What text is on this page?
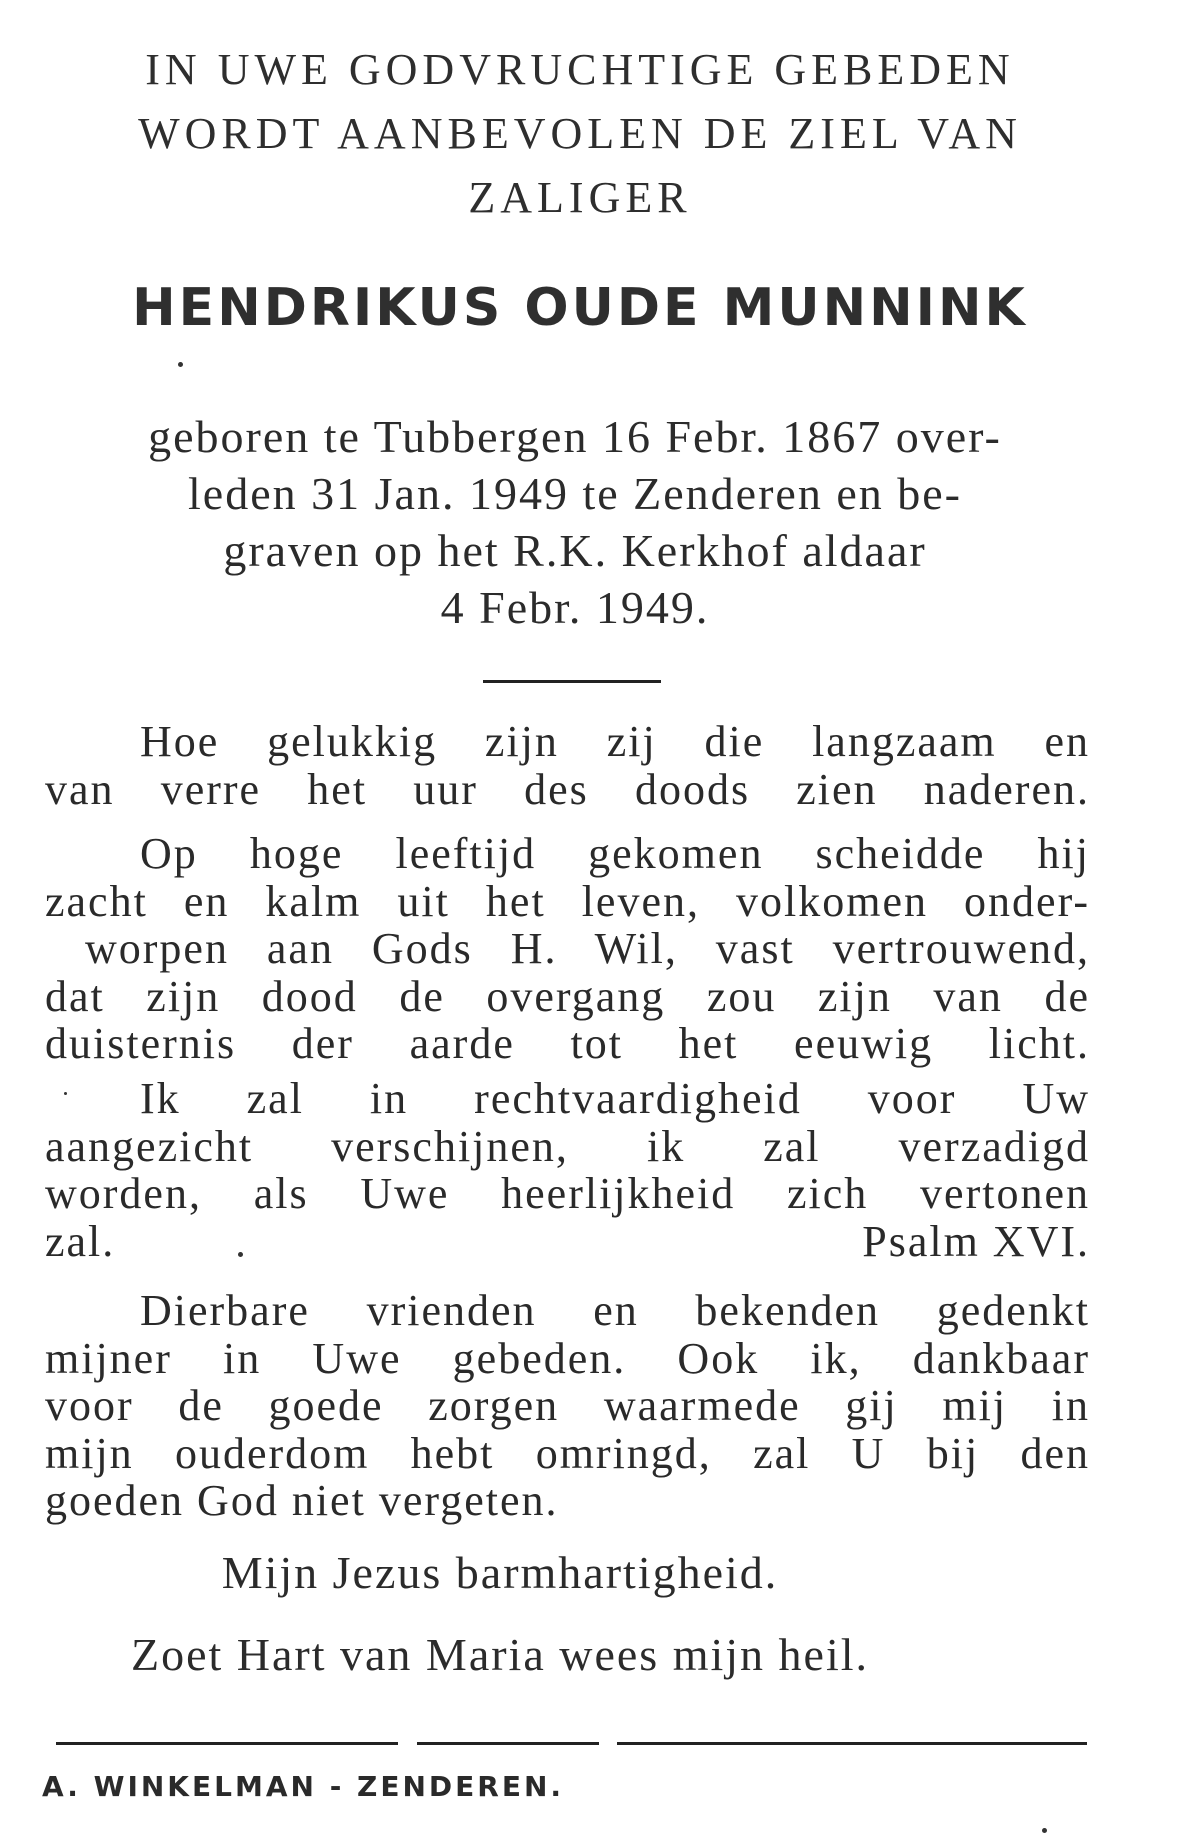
IN UWE GODVRUCHTIGE GEBEDEN
WORDT AANBEVOLEN DE ZIEL VAN
ZALIGER
HENDRIKUS OUDE MUNNINK
geboren te Tubbergen 16 Febr. 1867 over-
leden 31 Jan. 1949 te Zenderen en be-
graven op het R.K. Kerkhof aldaar
4 Febr. 1949.
Hoe gelukkig zijn zij die langzaam en
van verre het uur des doods zien naderen.
Op hoge leeftijd gekomen scheidde hij
zacht en kalm uit het leven, volkomen onder-
worpen aan Gods H. Wil, vast vertrouwend,
dat zijn dood de overgang zou zijn van de
duisternis der aarde tot het eeuwig licht.
Ik zal in rechtvaardigheid voor Uw
aangezicht verschijnen, ik zal verzadigd
worden, als Uwe heerlijkheid zich vertonen
zal.	Psalm XVI.
Dierbare vrienden en bekenden gedenkt
mijner in Uwe gebeden. Ook ik, dankbaar
voor de goede zorgen waarmede gij mij in
mijn ouderdom hebt omringd, zal U bij den
goeden God niet vergeten.
Mijn Jezus barmhartigheid.
Zoet Hart van Maria wees mijn heil.
A. WINKELMAN - ZENDEREN.
